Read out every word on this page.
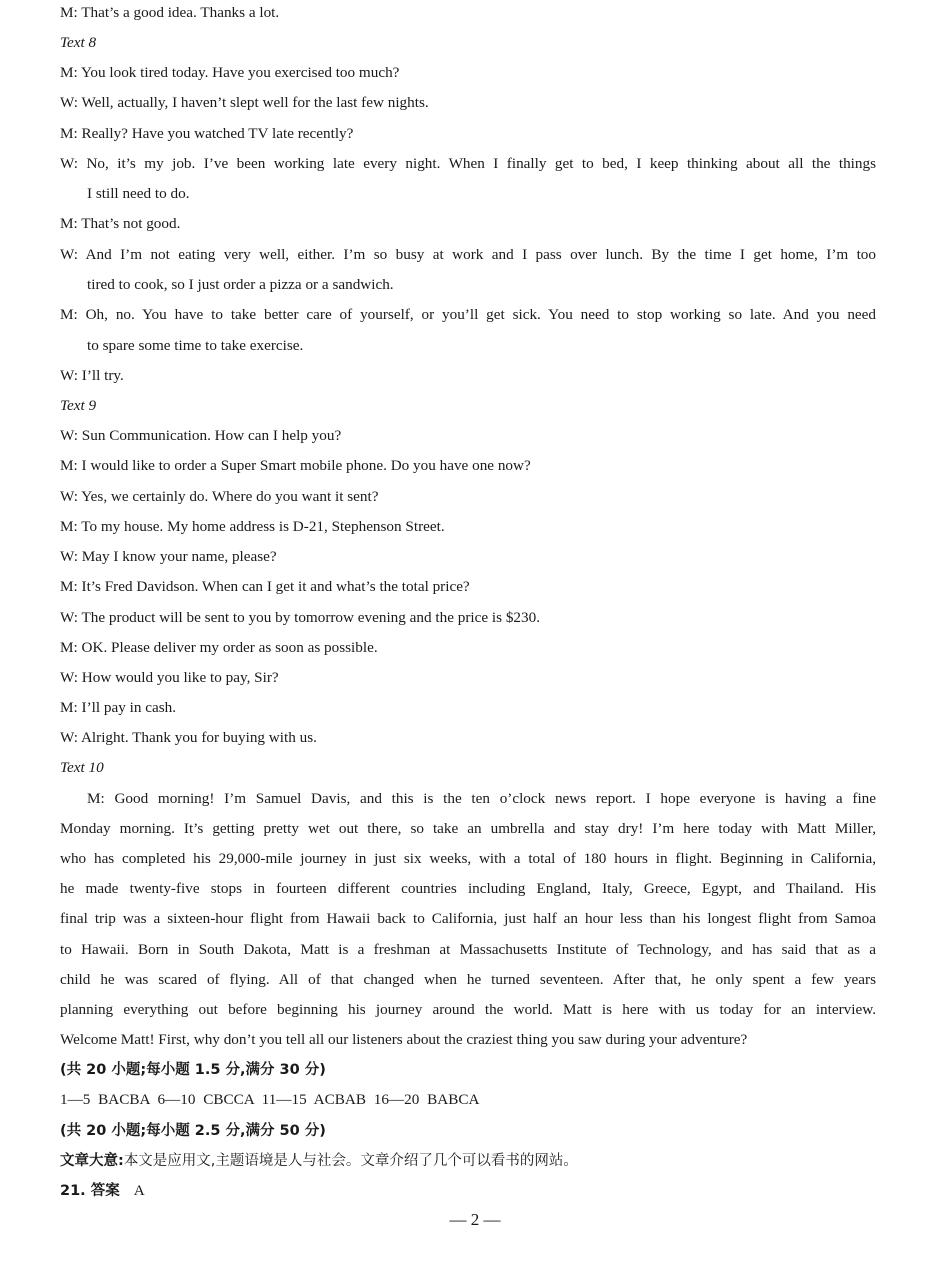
M: That’s a good idea. Thanks a lot.
Text 8
M: You look tired today. Have you exercised too much?
W: Well, actually, I haven’t slept well for the last few nights.
M: Really? Have you watched TV late recently?
W: No, it’s my job. I’ve been working late every night. When I finally get to bed, I keep thinking about all the things
I still need to do.
M: That’s not good.
W: And I’m not eating very well, either. I’m so busy at work and I pass over lunch. By the time I get home, I’m too
tired to cook, so I just order a pizza or a sandwich.
M: Oh, no. You have to take better care of yourself, or you’ll get sick. You need to stop working so late. And you need
to spare some time to take exercise.
W: I’ll try.
Text 9
W: Sun Communication. How can I help you?
M: I would like to order a Super Smart mobile phone. Do you have one now?
W: Yes, we certainly do. Where do you want it sent?
M: To my house. My home address is D-21, Stephenson Street.
W: May I know your name, please?
M: It’s Fred Davidson. When can I get it and what’s the total price?
W: The product will be sent to you by tomorrow evening and the price is $230.
M: OK. Please deliver my order as soon as possible.
W: How would you like to pay, Sir?
M: I’ll pay in cash.
W: Alright. Thank you for buying with us.
Text 10
M: Good morning! I’m Samuel Davis, and this is the ten o’clock news report. I hope everyone is having a fine
Monday morning. It’s getting pretty wet out there, so take an umbrella and stay dry! I’m here today with Matt Miller,
who has completed his 29,000-mile journey in just six weeks, with a total of 180 hours in flight. Beginning in California,
he made twenty-five stops in fourteen different countries including England, Italy, Greece, Egypt, and Thailand. His
final trip was a sixteen-hour flight from Hawaii back to California, just half an hour less than his longest flight from Samoa
to Hawaii. Born in South Dakota, Matt is a freshman at Massachusetts Institute of Technology, and has said that as a
child he was scared of flying. All of that changed when he turned seventeen. After that, he only spent a few years
planning everything out before beginning his journey around the world. Matt is here with us today for an interview.
Welcome Matt! First, why don’t you tell all our listeners about the craziest thing you saw during your adventure?
(共 20 小题;每小题 1.5 分,满分 30 分)
1—5 BACBA 6—10 CBCCA 11—15 ACBAB 16—20 BABCA
(共 20 小题;每小题 2.5 分,满分 50 分)
文章大意:本文是应用文,主题语境是人与社会。文章介绍了几个可以看书的网站。
21. 答案 A
— 2 —
